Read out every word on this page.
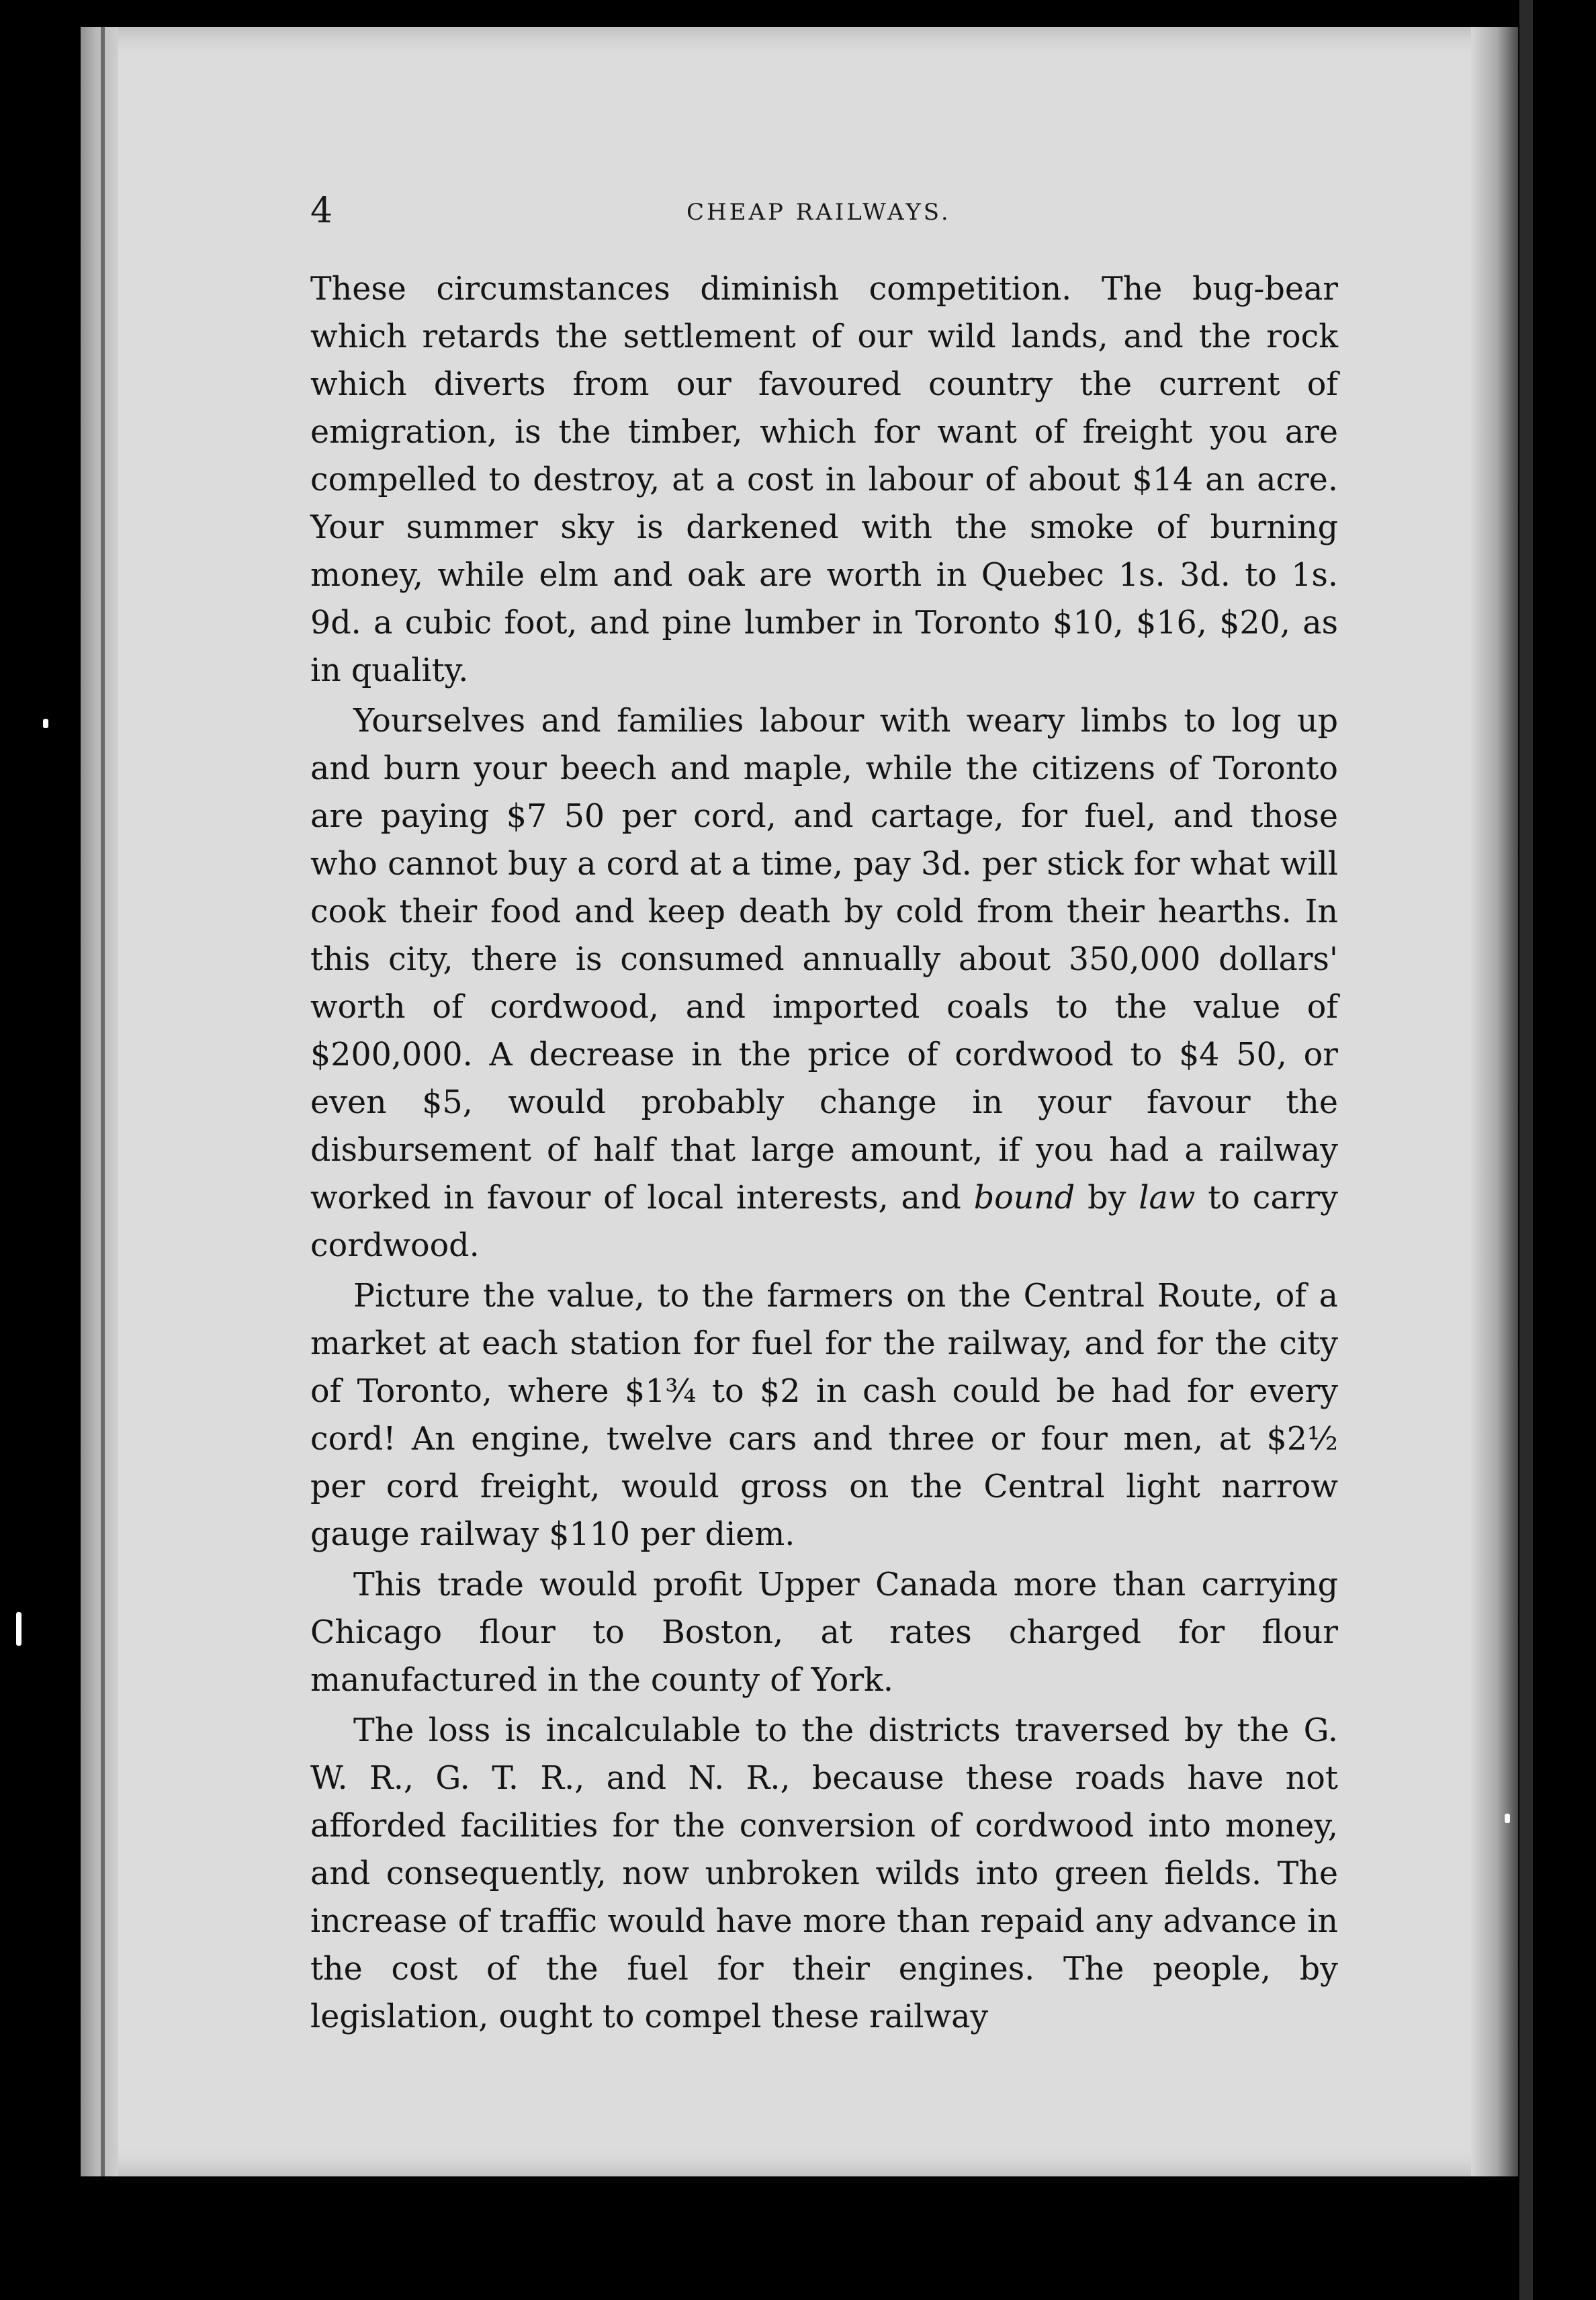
4	CHEAP RAILWAYS.

These circumstances diminish competition. The bug-bear which retards the settlement of our wild lands, and the rock which diverts from our favoured country the current of emigration, is the timber, which for want of freight you are compelled to destroy, at a cost in labour of about $14 an acre. Your summer sky is darkened with the smoke of burning money, while elm and oak are worth in Quebec 1s. 3d. to 1s. 9d. a cubic foot, and pine lumber in Toronto $10, $16, $20, as in quality.

Yourselves and families labour with weary limbs to log up and burn your beech and maple, while the citizens of Toronto are paying $7 50 per cord, and cartage, for fuel, and those who cannot buy a cord at a time, pay 3d. per stick for what will cook their food and keep death by cold from their hearths. In this city, there is consumed annually about 350,000 dollars' worth of cordwood, and imported coals to the value of $200,000. A decrease in the price of cordwood to $4 50, or even $5, would probably change in your favour the disbursement of half that large amount, if you had a railway worked in favour of local interests, and bound by law to carry cordwood.

Picture the value, to the farmers on the Central Route, of a market at each station for fuel for the railway, and for the city of Toronto, where $1¾ to $2 in cash could be had for every cord! An engine, twelve cars and three or four men, at $2½ per cord freight, would gross on the Central light narrow gauge railway $110 per diem.

This trade would profit Upper Canada more than carrying Chicago flour to Boston, at rates charged for flour manufactured in the county of York.

The loss is incalculable to the districts traversed by the G. W. R., G. T. R., and N. R., because these roads have not afforded facilities for the conversion of cordwood into money, and consequently, now unbroken wilds into green fields. The increase of traffic would have more than repaid any advance in the cost of the fuel for their engines. The people, by legislation, ought to compel these railway
